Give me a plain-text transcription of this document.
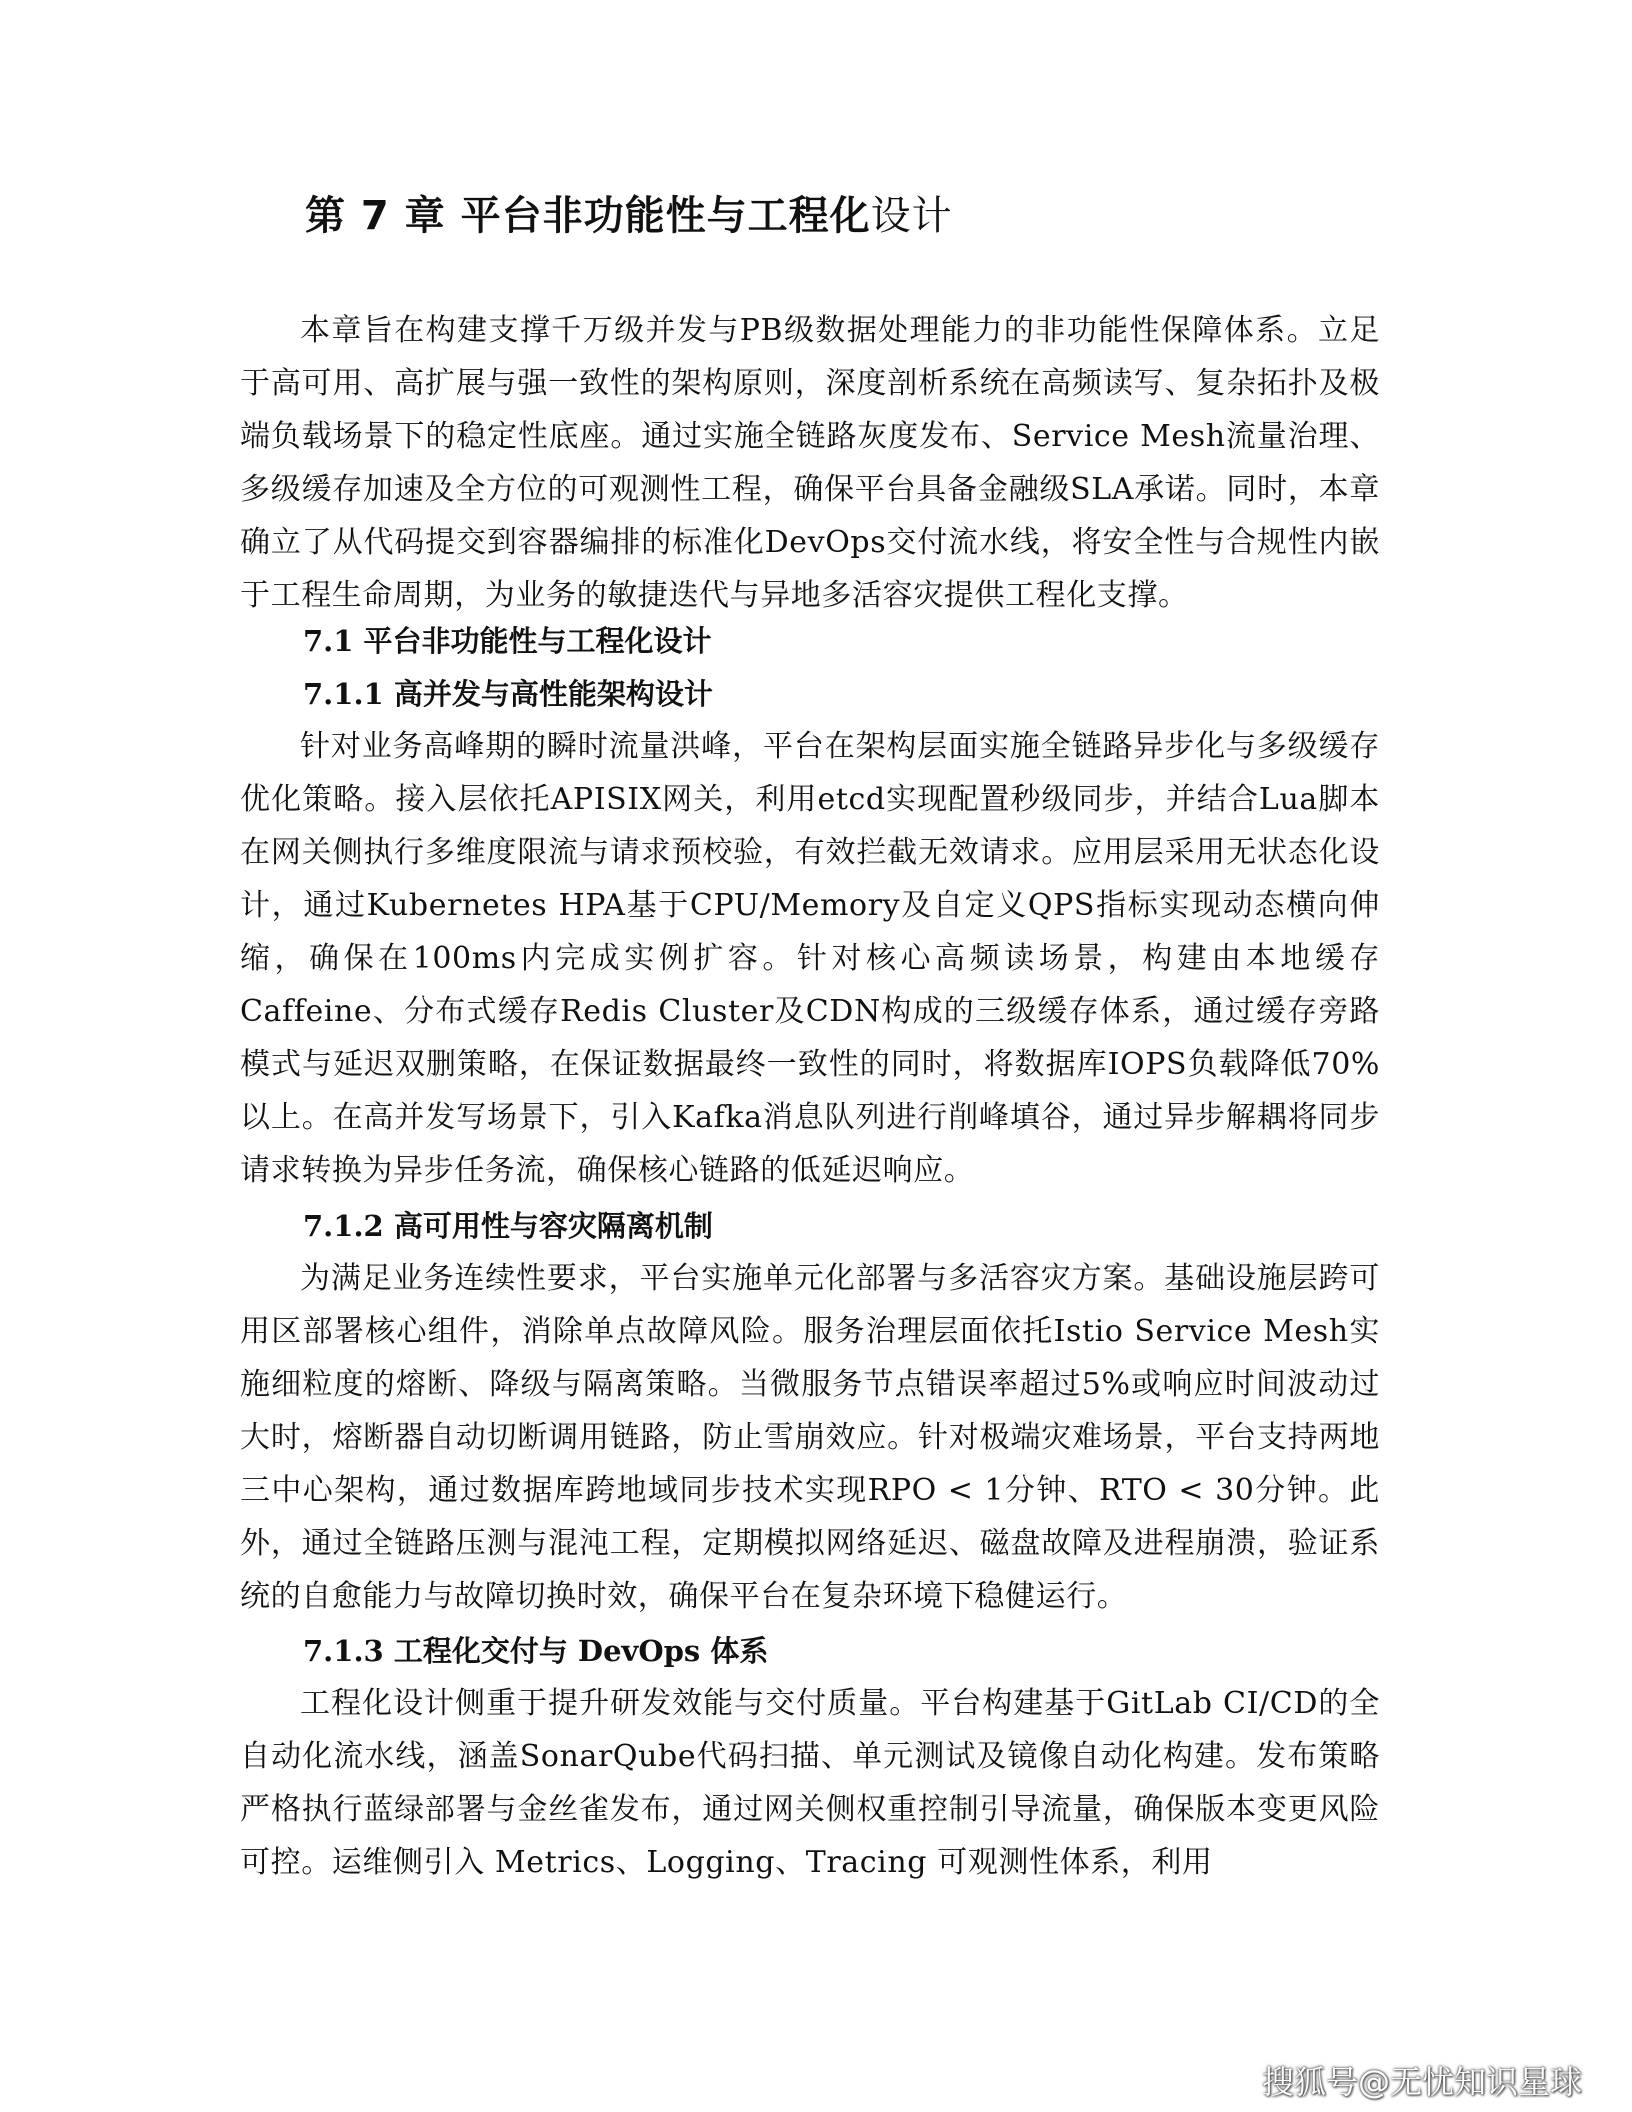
第 7 章 平台非功能性与工程化设计

本章旨在构建支撑千万级并发与PB级数据处理能力的非功能性保障体系。立足于高可用、高扩展与强一致性的架构原则，深度剖析系统在高频读写、复杂拓扑及极端负载场景下的稳定性底座。通过实施全链路灰度发布、Service Mesh流量治理、多级缓存加速及全方位的可观测性工程，确保平台具备金融级SLA承诺。同时，本章确立了从代码提交到容器编排的标准化DevOps交付流水线，将安全性与合规性内嵌于工程生命周期，为业务的敏捷迭代与异地多活容灾提供工程化支撑。

7.1 平台非功能性与工程化设计
7.1.1 高并发与高性能架构设计

针对业务高峰期的瞬时流量洪峰，平台在架构层面实施全链路异步化与多级缓存优化策略。接入层依托APISIX网关，利用etcd实现配置秒级同步，并结合Lua脚本在网关侧执行多维度限流与请求预校验，有效拦截无效请求。应用层采用无状态化设计，通过Kubernetes HPA基于CPU/Memory及自定义QPS指标实现动态横向伸缩，确保在100ms内完成实例扩容。针对核心高频读场景，构建由本地缓存Caffeine、分布式缓存Redis Cluster及CDN构成的三级缓存体系，通过缓存旁路模式与延迟双删策略，在保证数据最终一致性的同时，将数据库IOPS负载降低70%以上。在高并发写场景下，引入Kafka消息队列进行削峰填谷，通过异步解耦将同步请求转换为异步任务流，确保核心链路的低延迟响应。

7.1.2 高可用性与容灾隔离机制

为满足业务连续性要求，平台实施单元化部署与多活容灾方案。基础设施层跨可用区部署核心组件，消除单点故障风险。服务治理层面依托Istio Service Mesh实施细粒度的熔断、降级与隔离策略。当微服务节点错误率超过5%或响应时间波动过大时，熔断器自动切断调用链路，防止雪崩效应。针对极端灾难场景，平台支持两地三中心架构，通过数据库跨地域同步技术实现RPO < 1分钟、RTO < 30分钟。此外，通过全链路压测与混沌工程，定期模拟网络延迟、磁盘故障及进程崩溃，验证系统的自愈能力与故障切换时效，确保平台在复杂环境下稳健运行。

7.1.3 工程化交付与 DevOps 体系

工程化设计侧重于提升研发效能与交付质量。平台构建基于GitLab CI/CD的全自动化流水线，涵盖SonarQube代码扫描、单元测试及镜像自动化构建。发布策略严格执行蓝绿部署与金丝雀发布，通过网关侧权重控制引导流量，确保版本变更风险可控。运维侧引入 Metrics、Logging、Tracing 可观测性体系，利用

搜狐号@无忧知识星球
